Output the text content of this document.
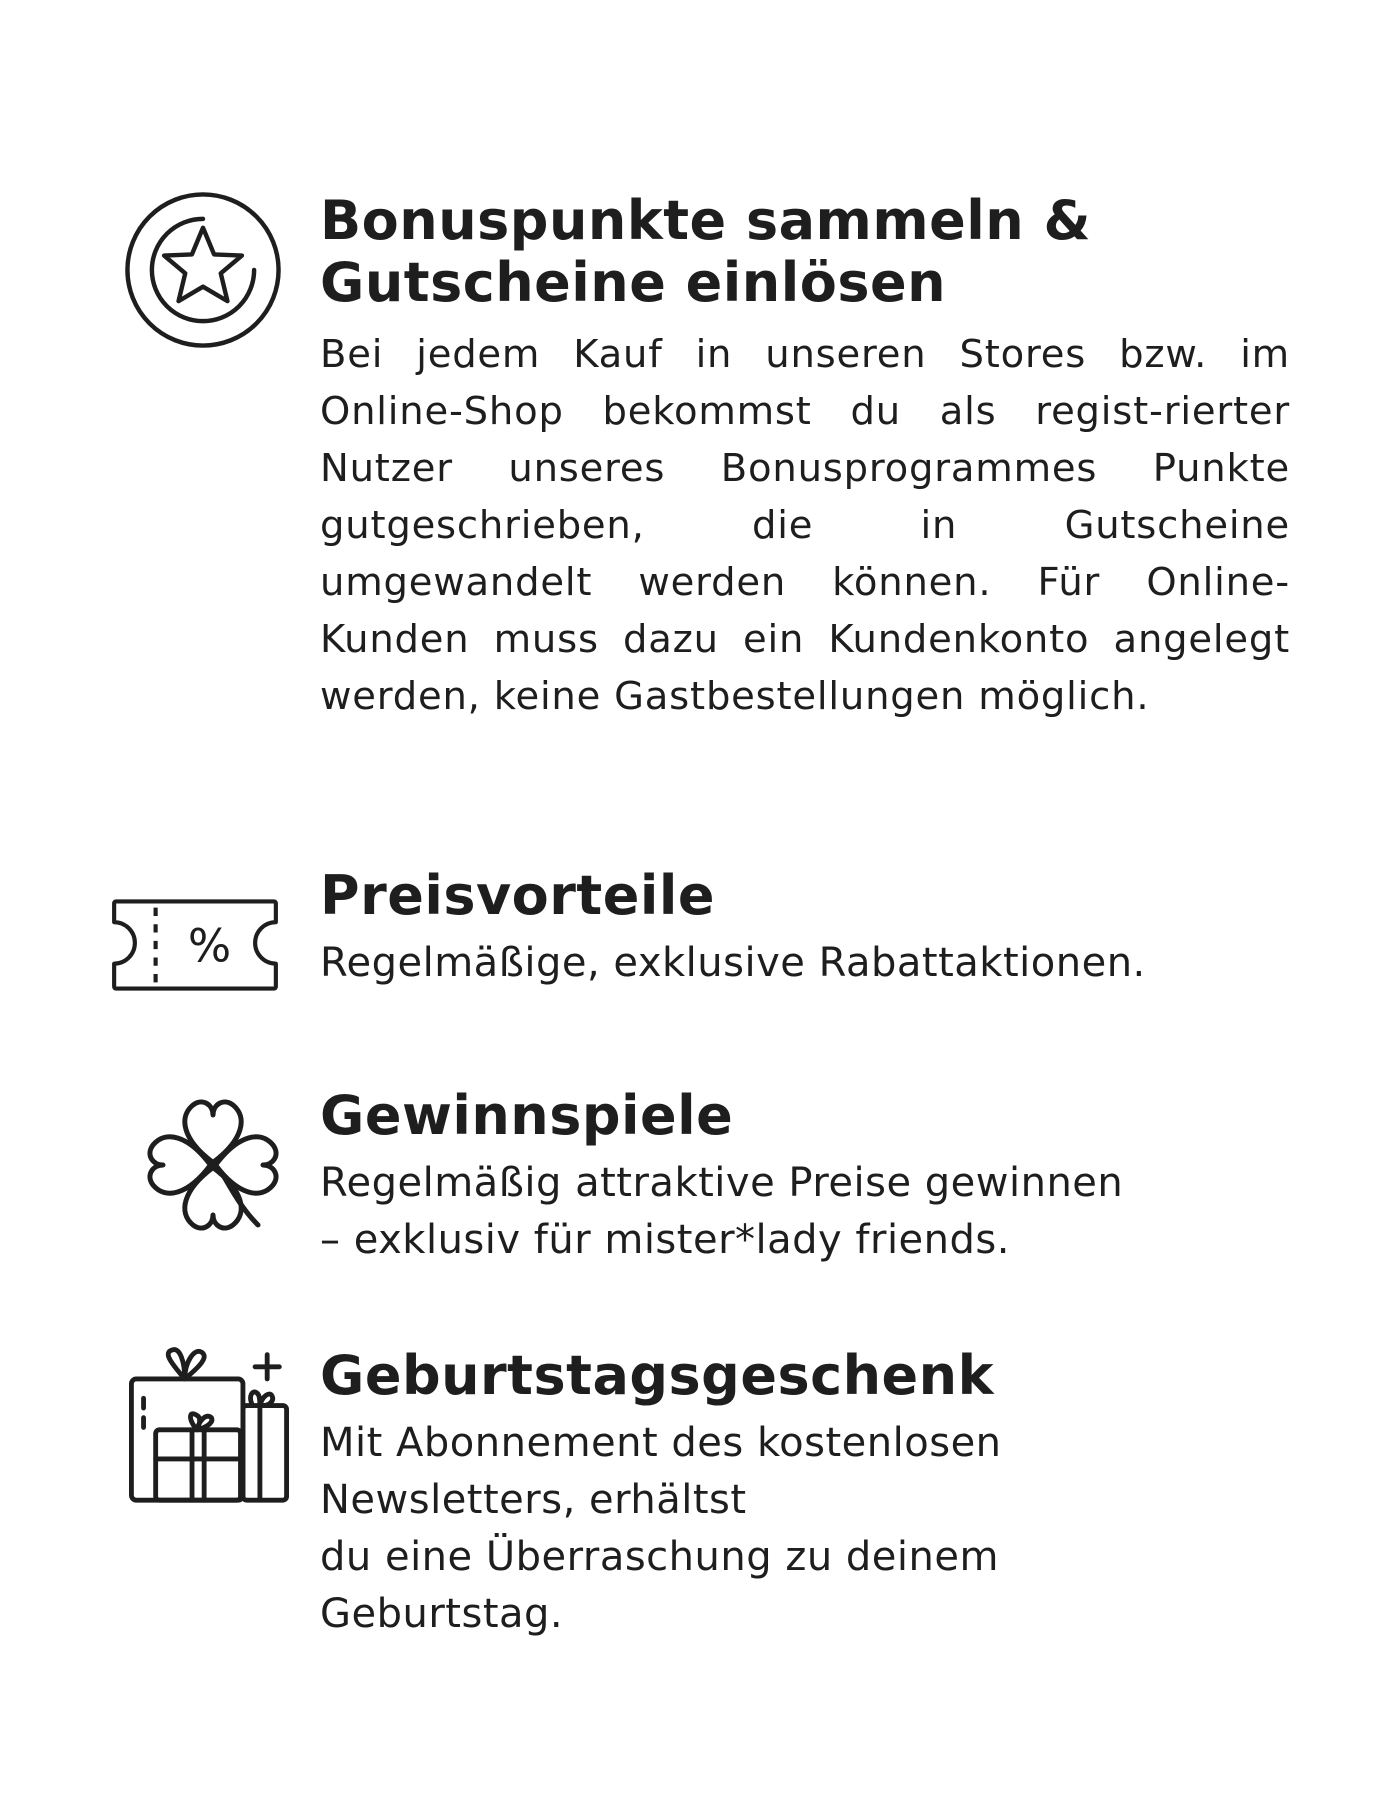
Bonuspunkte sammeln &
Gutscheine einlösen

Bei jedem Kauf in unseren Stores bzw. im Online-Shop bekommst du als regist-rierter Nutzer unseres Bonusprogrammes Punkte gutgeschrieben, die in Gutscheine umgewandelt werden können. Für Online-Kunden muss dazu ein Kundenkonto angelegt werden, keine Gastbestellungen möglich.

%
Preisvorteile

Regelmäßige, exklusive Rabattaktionen.

Gewinnspiele

Regelmäßig attraktive Preise gewinnen
– exklusiv für mister*lady friends.

Geburtstagsgeschenk

Mit Abonnement des kostenlosen
Newsletters, erhältst
du eine Überraschung zu deinem
Geburtstag.
